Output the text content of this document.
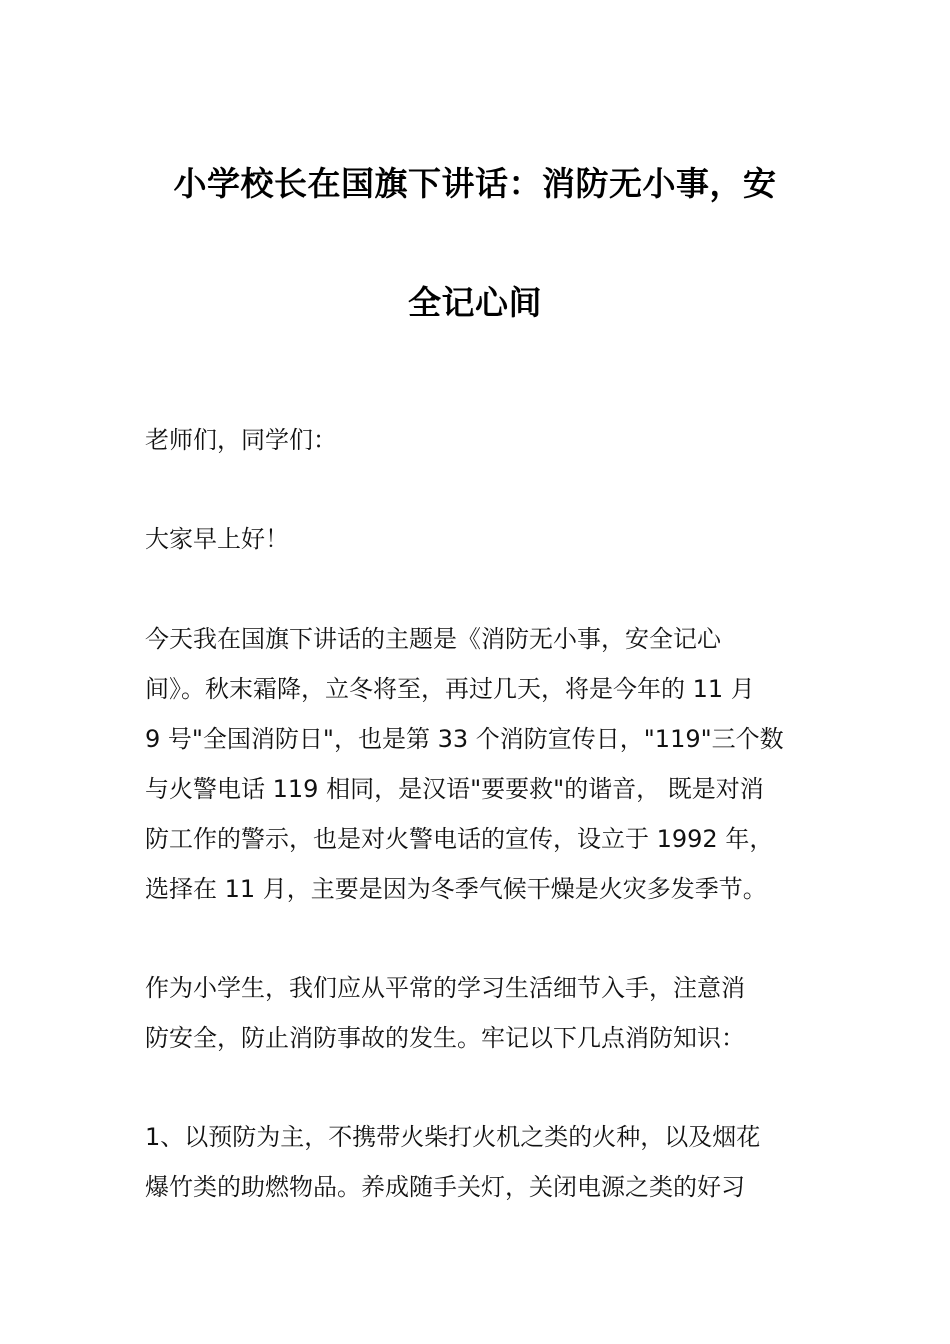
小学校长在国旗下讲话：消防无小事，安
全记心间
老师们，同学们：
大家早上好！
今天我在国旗下讲话的主题是《消防无小事，安全记心
间》。秋末霜降，立冬将至，再过几天，将是今年的 11 月
9 号"全国消防日"，也是第 33 个消防宣传日，"119"三个数
与火警电话 119 相同，是汉语"要要救"的谐音， 既是对消
防工作的警示，也是对火警电话的宣传，设立于 1992 年，
选择在 11 月，主要是因为冬季气候干燥是火灾多发季节。
作为小学生，我们应从平常的学习生活细节入手，注意消
防安全，防止消防事故的发生。牢记以下几点消防知识：
1、以预防为主，不携带火柴打火机之类的火种，以及烟花
爆竹类的助燃物品。养成随手关灯，关闭电源之类的好习
